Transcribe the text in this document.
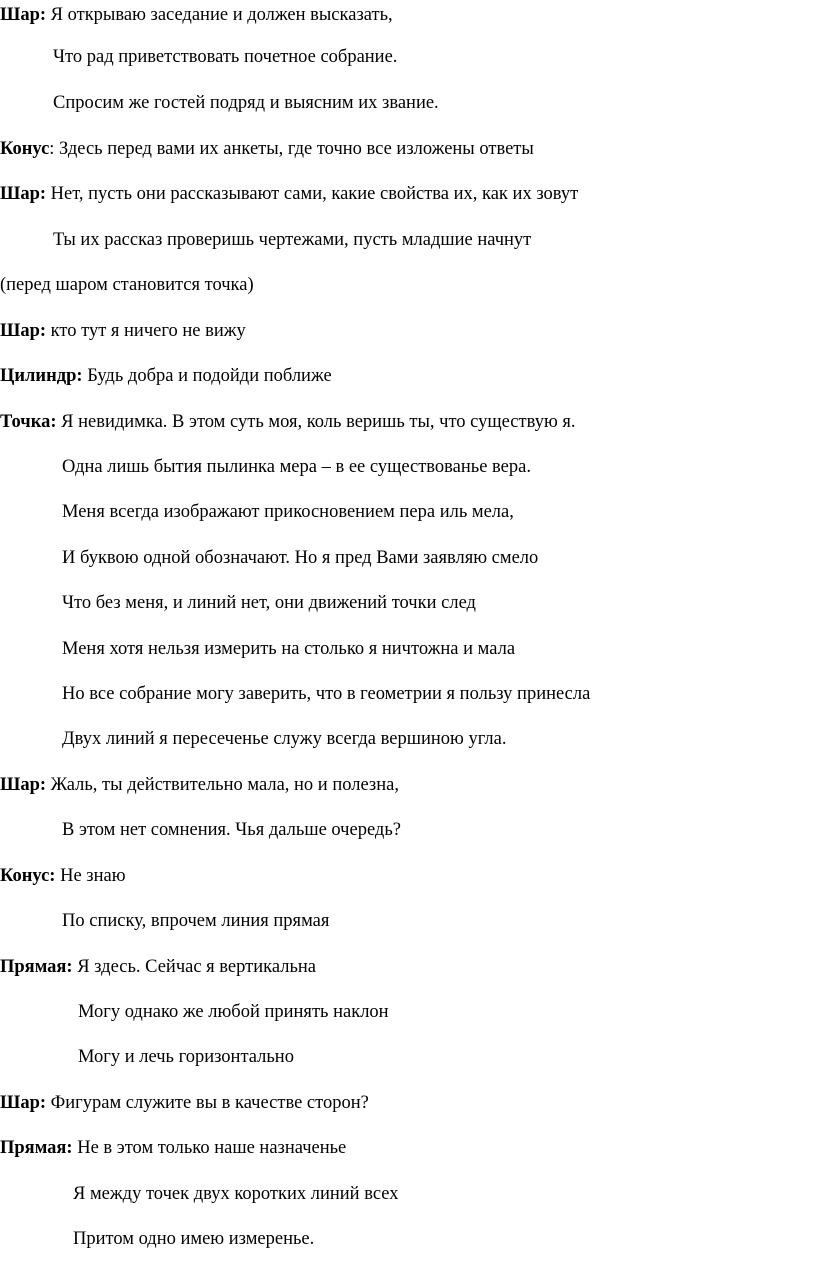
Шар: Я открываю заседание и должен высказать,
Что рад приветствовать почетное собрание.
Спросим же гостей подряд и выясним их звание.
Конус: Здесь перед вами их анкеты, где точно все изложены ответы
Шар: Нет, пусть они рассказывают сами, какие свойства их, как их зовут
Ты их рассказ проверишь чертежами, пусть младшие начнут
(перед шаром становится точка)
Шар: кто тут я ничего не вижу
Цилиндр: Будь добра и подойди поближе
Точка: Я невидимка. В этом суть моя, коль веришь ты, что существую я.
Одна лишь бытия пылинка мера – в ее существованье вера.
Меня всегда изображают прикосновением пера иль мела,
И буквою одной обозначают. Но я пред Вами заявляю смело
Что без меня, и линий нет, они движений точки след
Меня хотя нельзя измерить на столько я ничтожна и мала
Но все собрание могу заверить, что в геометрии я пользу принесла
Двух линий я пересеченье служу всегда вершиною угла.
Шар: Жаль, ты действительно мала, но и полезна,
В этом нет сомнения. Чья дальше очередь?
Конус: Не знаю
По списку, впрочем линия прямая
Прямая: Я здесь. Сейчас я вертикальна
Могу однако же любой принять наклон
Могу и лечь горизонтально
Шар: Фигурам служите вы в качестве сторон?
Прямая: Не в этом только наше назначенье
Я между точек двух коротких линий всех
Притом одно имею измеренье.
